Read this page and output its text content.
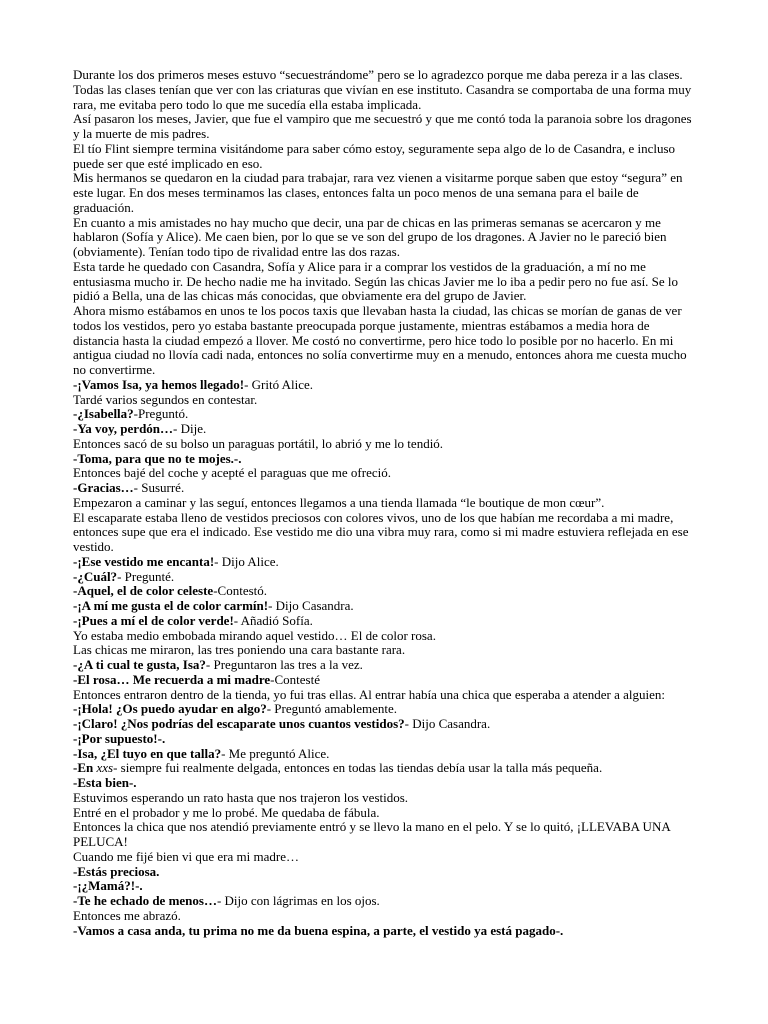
Durante los dos primeros meses estuvo “secuestrándome” pero se lo agradezco porque me daba pereza ir a las clases. Todas las clases tenían que ver con las criaturas que vivían en ese instituto. Casandra se comportaba de una forma muy rara, me evitaba pero todo lo que me sucedía ella estaba implicada.

Así pasaron los meses, Javier, que fue el vampiro que me secuestró y que me contó toda la paranoia sobre los dragones y la muerte de mis padres.

El tío Flint siempre termina visitándome para saber cómo estoy, seguramente sepa algo de lo de Casandra, e incluso puede ser que esté implicado en eso.

Mis hermanos se quedaron en la ciudad para trabajar, rara vez vienen a visitarme porque saben que estoy “segura” en este lugar. En dos meses terminamos las clases, entonces falta un poco menos de una semana para el baile de graduación.

En cuanto a mis amistades no hay mucho que decir, una par de chicas en las primeras semanas se acercaron y me hablaron (Sofía y Alice). Me caen bien, por lo que se ve son del grupo de los dragones. A Javier no le pareció bien (obviamente). Tenían todo tipo de rivalidad entre las dos razas.

Esta tarde he quedado con Casandra, Sofía y Alice para ir a comprar los vestidos de la graduación, a mí no me entusiasma mucho ir. De hecho nadie me ha invitado. Según las chicas Javier me lo iba a pedir pero no fue así. Se lo pidió a Bella, una de las chicas más conocidas, que obviamente era del grupo de Javier.

Ahora mismo estábamos en unos te los pocos taxis que llevaban hasta la ciudad, las chicas se morían de ganas de ver todos los vestidos, pero yo estaba bastante preocupada porque justamente, mientras estábamos a media hora de distancia hasta la ciudad empezó a llover. Me costó no convertirme, pero hice todo lo posible por no hacerlo. En mi antigua ciudad no llovía cadi nada, entonces no solía convertirme muy en a menudo, entonces ahora me cuesta mucho no convertirme.

-¡Vamos Isa, ya hemos llegado!- Gritó Alice.

Tardé varios segundos en contestar.

-¿Isabella?-Preguntó.

-Ya voy, perdón…- Dije.

Entonces sacó de su bolso un paraguas portátil, lo abrió y me lo tendió.

-Toma, para que no te mojes.-.

Entonces bajé del coche y acepté el paraguas que me ofreció.

-Gracias…- Susurré.

Empezaron a caminar y las seguí, entonces llegamos a una tienda llamada “le boutique de mon cœur”.

El escaparate estaba lleno de vestidos preciosos con colores vivos, uno de los que habían me recordaba a mi madre, entonces supe que era el indicado. Ese vestido me dio una vibra muy rara, como si mi madre estuviera reflejada en ese vestido.

-¡Ese vestido me encanta!- Dijo Alice.

-¿Cuál?- Pregunté.

-Aquel, el de color celeste-Contestó.

-¡A mí me gusta el de color carmín!- Dijo Casandra.

-¡Pues a mí el de color verde!- Añadió Sofía.

Yo estaba medio embobada mirando aquel vestido… El de color rosa.

Las chicas me miraron, las tres poniendo una cara bastante rara.

-¿A ti cual te gusta, Isa?- Preguntaron las tres a la vez.

-El rosa… Me recuerda a mi madre-Contesté

Entonces entraron dentro de la tienda, yo fui tras ellas. Al entrar había una chica que esperaba a atender a alguien:

-¡Hola! ¿Os puedo ayudar en algo?- Preguntó amablemente.

-¡Claro! ¿Nos podrías del escaparate unos cuantos vestidos?- Dijo Casandra.

-¡Por supuesto!-.

-Isa, ¿El tuyo en que talla?- Me preguntó Alice.

-En xxs- siempre fui realmente delgada, entonces en todas las tiendas debía usar la talla más pequeña.

-Esta bien-.

Estuvimos esperando un rato hasta que nos trajeron los vestidos.

Entré en el probador y me lo probé. Me quedaba de fábula.

Entonces la chica que nos atendió previamente entró y se llevo la mano en el pelo. Y se lo quitó, ¡LLEVABA UNA PELUCA!

Cuando me fijé bien vi que era mi madre…

-Estás preciosa.

-¡¿Mamá?!-.

-Te he echado de menos…- Dijo con lágrimas en los ojos.

Entonces me abrazó.

-Vamos a casa anda, tu prima no me da buena espina, a parte, el vestido ya está pagado-.
